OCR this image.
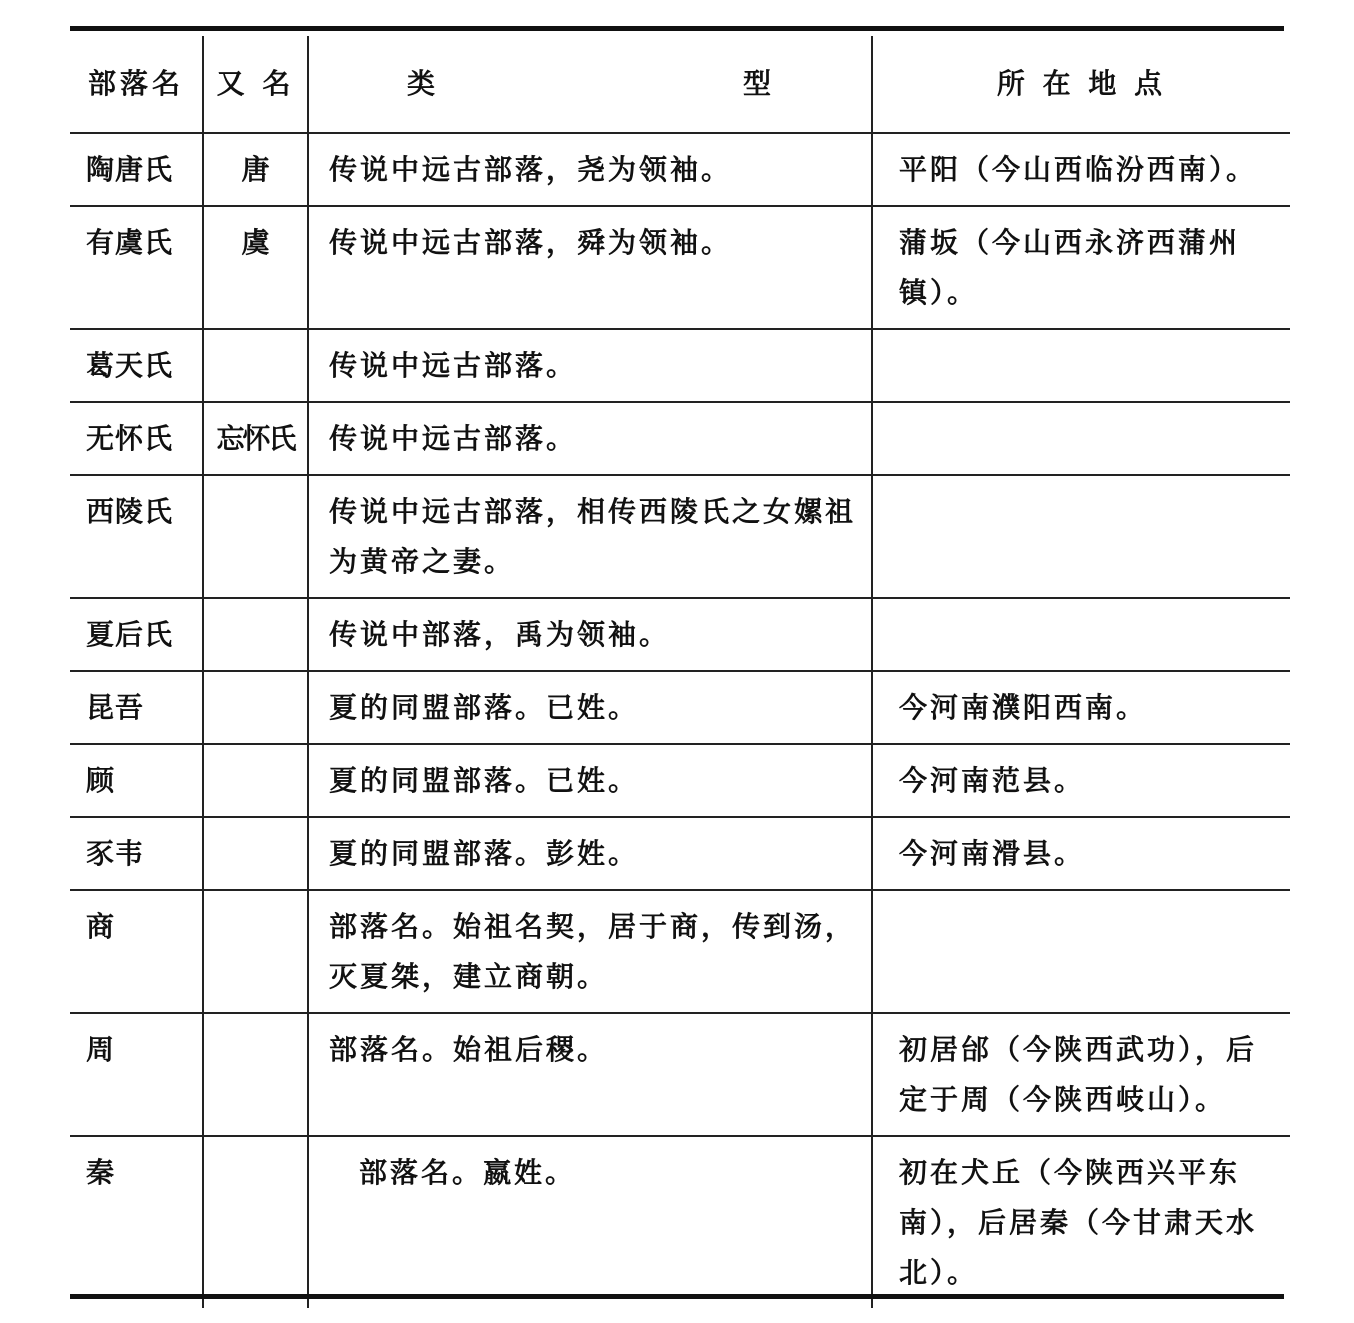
部落名	又 名	类 型	所 在 地 点
陶唐氏	唐	传说中远古部落，尧为领袖。	平阳（今山西临汾西南）。
有虞氏	虞	传说中远古部落，舜为领袖。	蒲坂（今山西永济西蒲州镇）。
葛天氏		传说中远古部落。	
无怀氏	忘怀氏	传说中远古部落。	
西陵氏		传说中远古部落，相传西陵氏之女嫘祖为黄帝之妻。	
夏后氏		传说中部落，禹为领袖。	
昆吾		夏的同盟部落。已姓。	今河南濮阳西南。
顾		夏的同盟部落。已姓。	今河南范县。
豕韦		夏的同盟部落。彭姓。	今河南滑县。
商		部落名。始祖名契，居于商，传到汤，灭夏桀，建立商朝。	
周		部落名。始祖后稷。	初居邰（今陕西武功），后定于周（今陕西岐山）。
秦		部落名。嬴姓。	初在犬丘（今陕西兴平东南），后居秦（今甘肃天水北）。
